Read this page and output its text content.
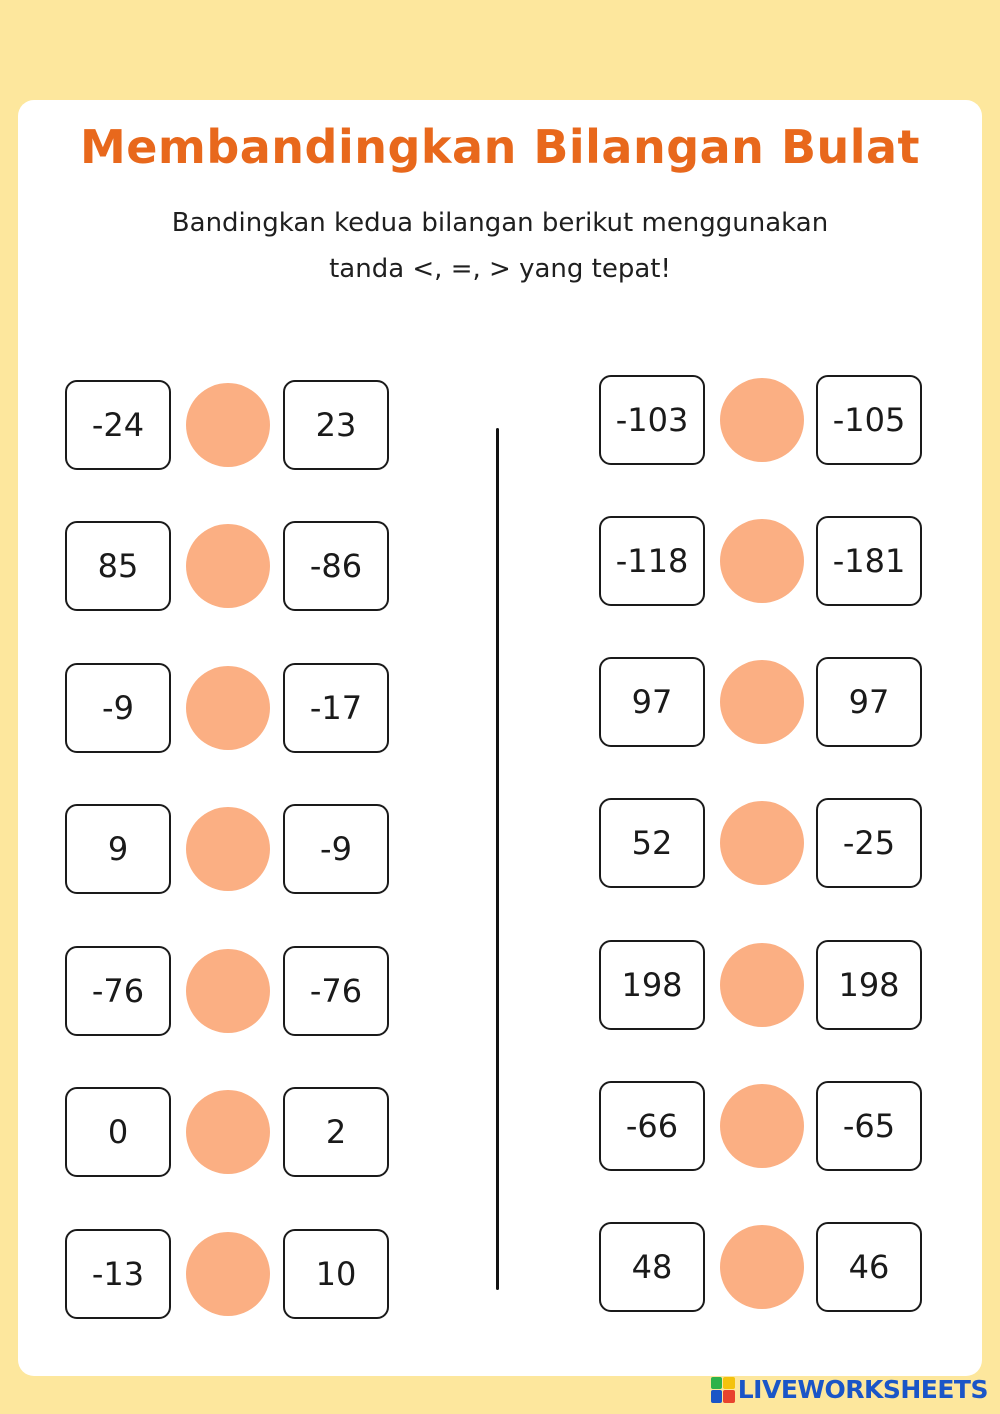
Membandingkan Bilangan Bulat

Bandingkan kedua bilangan berikut menggunakan
tanda <, =, > yang tepat!

-24	23
85	-86
-9	-17
9	-9
-76	-76
0	2
-13	10
-103	-105
-118	-181
97	97
52	-25
198	198
-66	-65
48	46
LIVEWORKSHEETS
